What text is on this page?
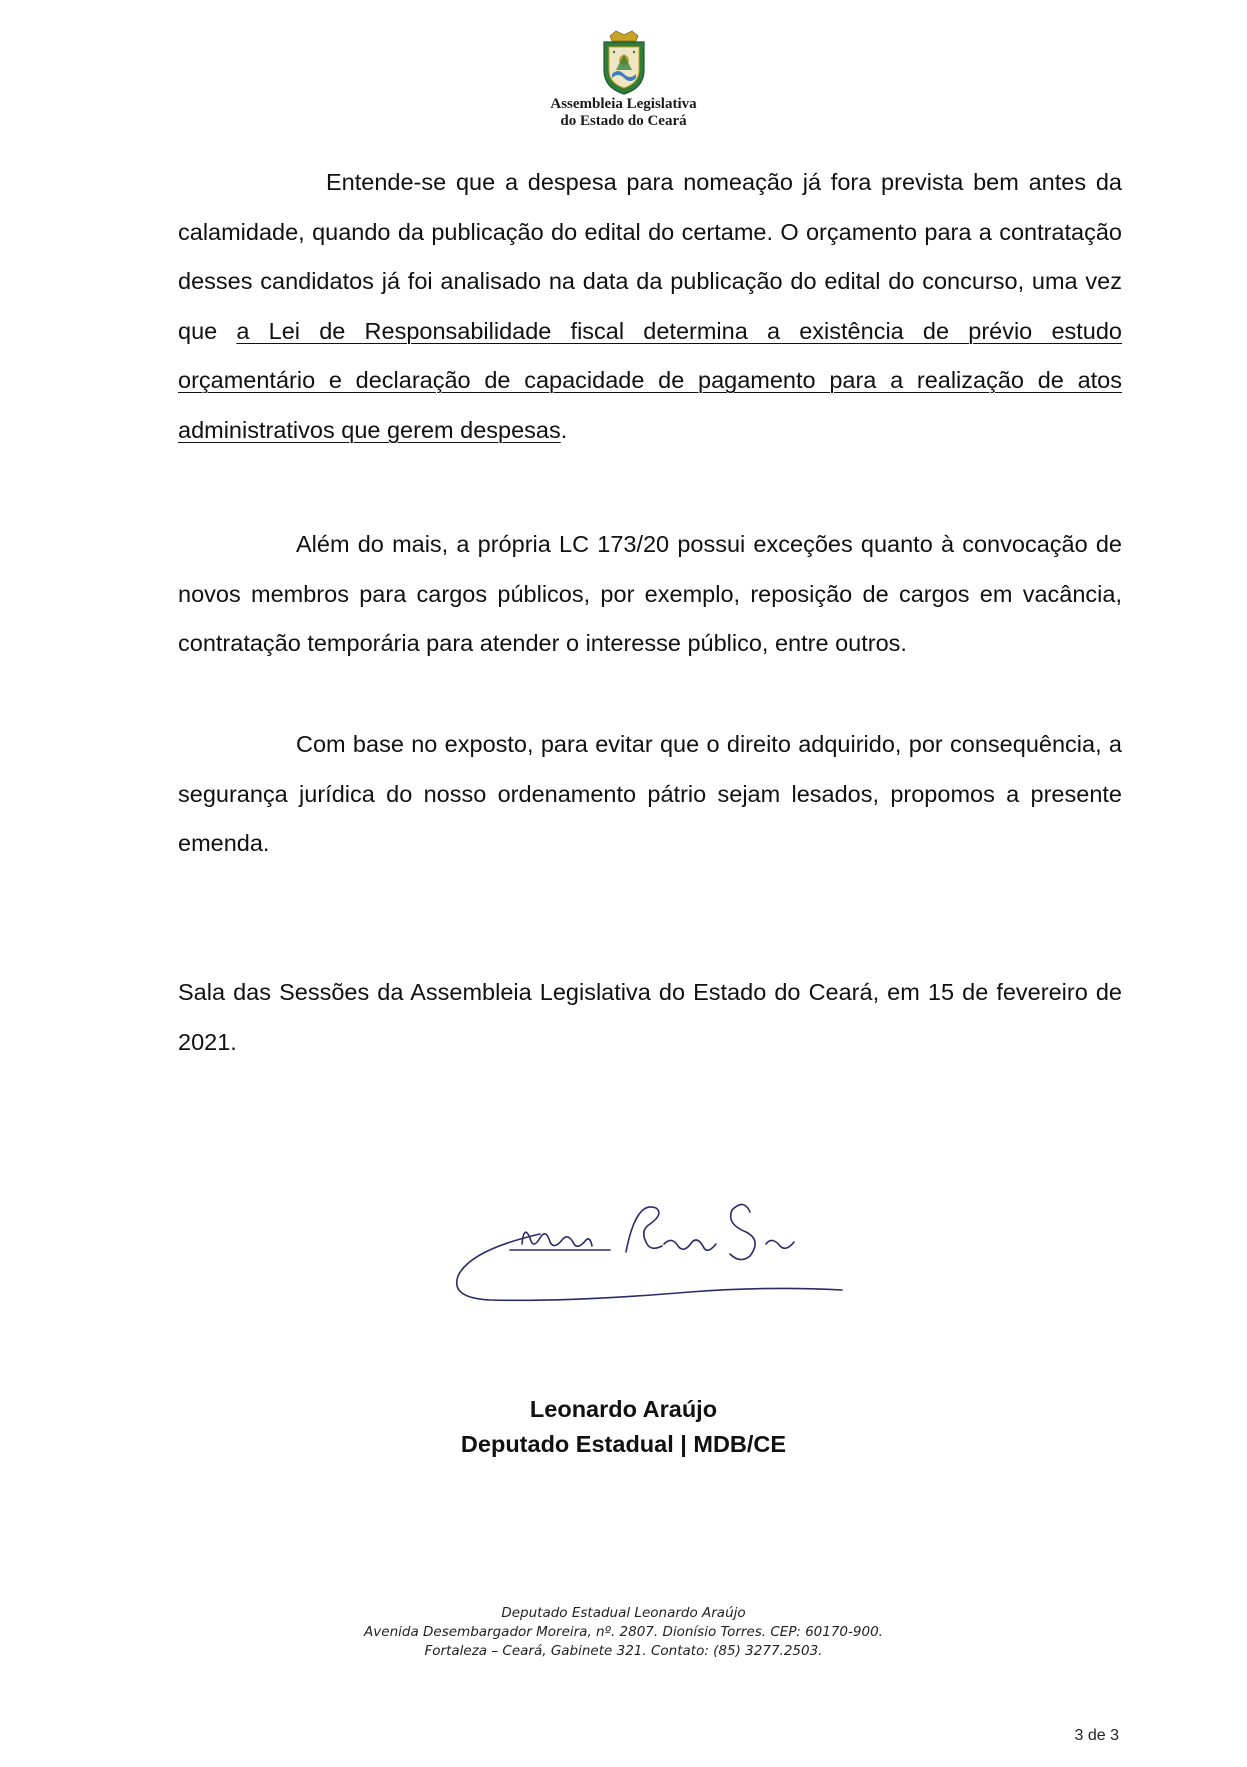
Assembleia Legislativa
do Estado do Ceará

Entende-se que a despesa para nomeação já fora prevista bem antes da calamidade, quando da publicação do edital do certame. O orçamento para a contratação desses candidatos já foi analisado na data da publicação do edital do concurso, uma vez que a Lei de Responsabilidade fiscal determina a existência de prévio estudo orçamentário e declaração de capacidade de pagamento para a realização de atos administrativos que gerem despesas.

Além do mais, a própria LC 173/20 possui exceções quanto à convocação de novos membros para cargos públicos, por exemplo, reposição de cargos em vacância, contratação temporária para atender o interesse público, entre outros.

Com base no exposto, para evitar que o direito adquirido, por consequência, a segurança jurídica do nosso ordenamento pátrio sejam lesados, propomos a presente emenda.

Sala das Sessões da Assembleia Legislativa do Estado do Ceará, em 15 de fevereiro de 2021.

Leonardo Araújo
Deputado Estadual | MDB/CE
Deputado Estadual Leonardo Araújo
Avenida Desembargador Moreira, nº. 2807. Dionísio Torres. CEP: 60170-900.
Fortaleza – Ceará, Gabinete 321. Contato: (85) 3277.2503.
3 de 3
